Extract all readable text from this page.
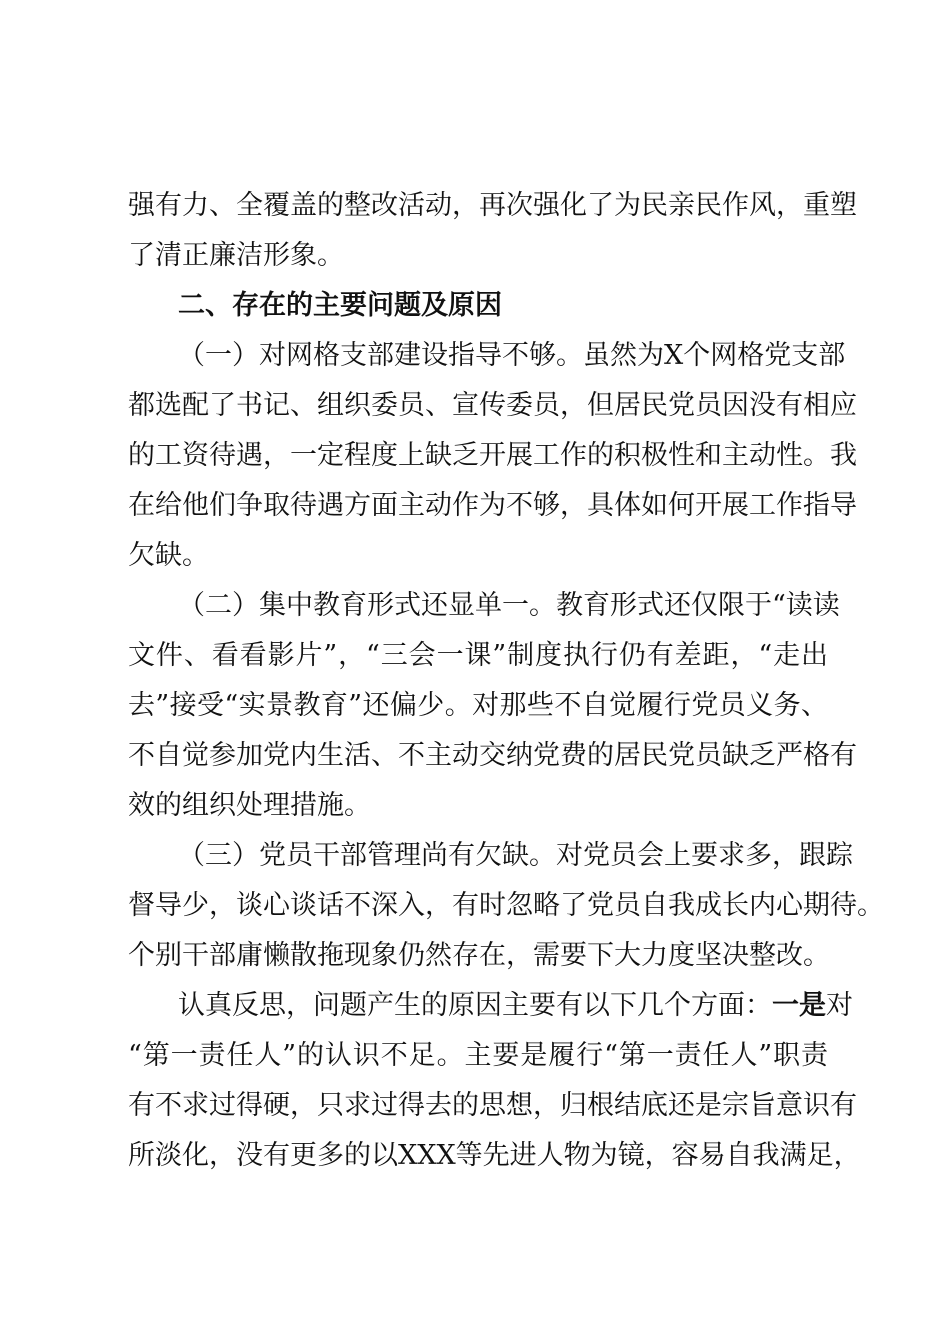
强有力、全覆盖的整改活动，再次强化了为民亲民作风，重塑
了清正廉洁形象。
二、存在的主要问题及原因
（一）对网格支部建设指导不够。虽然为X个网格党支部
都选配了书记、组织委员、宣传委员，但居民党员因没有相应
的工资待遇，一定程度上缺乏开展工作的积极性和主动性。我
在给他们争取待遇方面主动作为不够，具体如何开展工作指导
欠缺。
（二）集中教育形式还显单一。教育形式还仅限于“读读
文件、看看影片”，“三会一课”制度执行仍有差距，“走出
去”接受“实景教育”还偏少。对那些不自觉履行党员义务、
不自觉参加党内生活、不主动交纳党费的居民党员缺乏严格有
效的组织处理措施。
（三）党员干部管理尚有欠缺。对党员会上要求多，跟踪
督导少，谈心谈话不深入，有时忽略了党员自我成长内心期待。
个别干部庸懒散拖现象仍然存在，需要下大力度坚决整改。
认真反思，问题产生的原因主要有以下几个方面：一是对
“第一责任人”的认识不足。主要是履行“第一责任人”职责
有不求过得硬，只求过得去的思想，归根结底还是宗旨意识有
所淡化，没有更多的以XXX等先进人物为镜，容易自我满足，
